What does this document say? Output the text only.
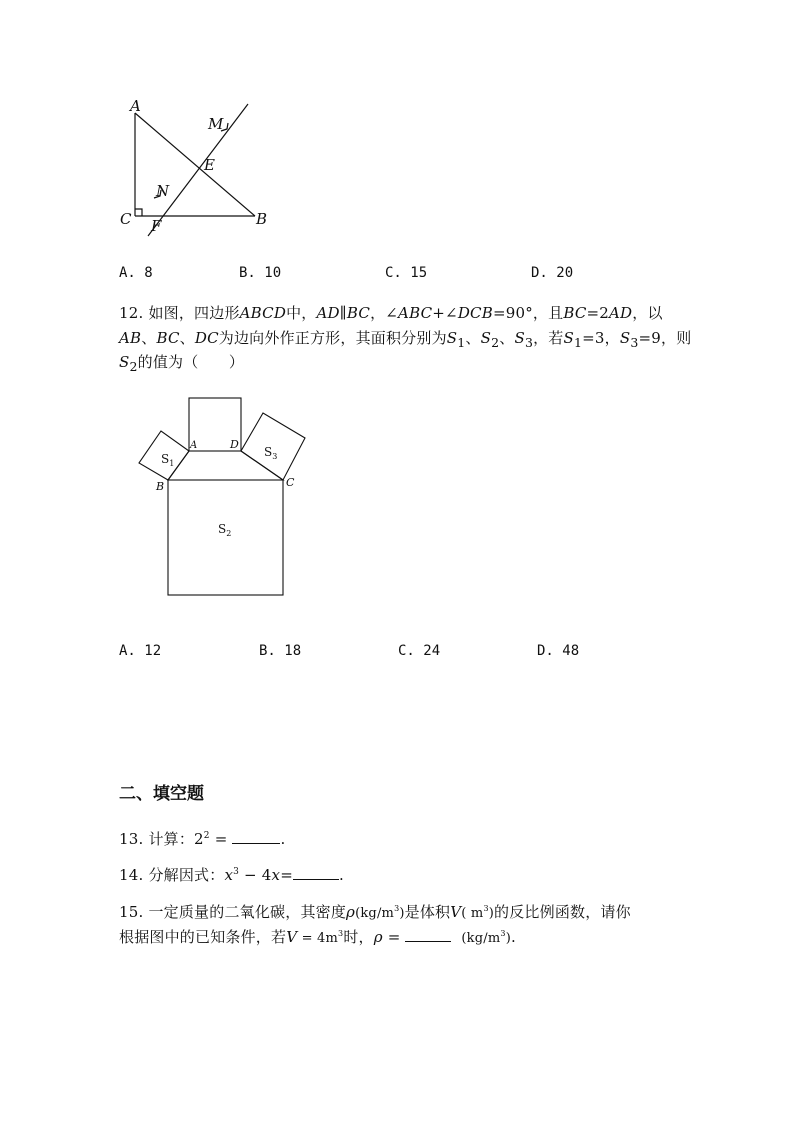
A
M
E
N
C F	B
A. 8	B. 10	C. 15	D. 20
12. 如图，四边形ABCD中，AD∥BC，∠ABC+∠DCB=90°，且BC=2AD，以
AB、BC、DC为边向外作正方形，其面积分别为$S_1$、$S_2$、$S_3$，若$S_1=3$，$S_3=9$，则
$S_2$的值为（　　）
A	D
B	C
$S_1$
$S_2$
$S_3$
A. 12	B. 18	C. 24	D. 48
二、填空题
13. 计算：$2^2$ =	.
14. 分解因式：$x^3 - 4x=$	.
15. 一定质量的二氧化碳，其密度$\rho(kg/m^3)$是体积V( $m^3$)的反比例函数，请你
根据图中的已知条件，若$V = 4m^3$时，ρ =	$(kg/m^3)$.
